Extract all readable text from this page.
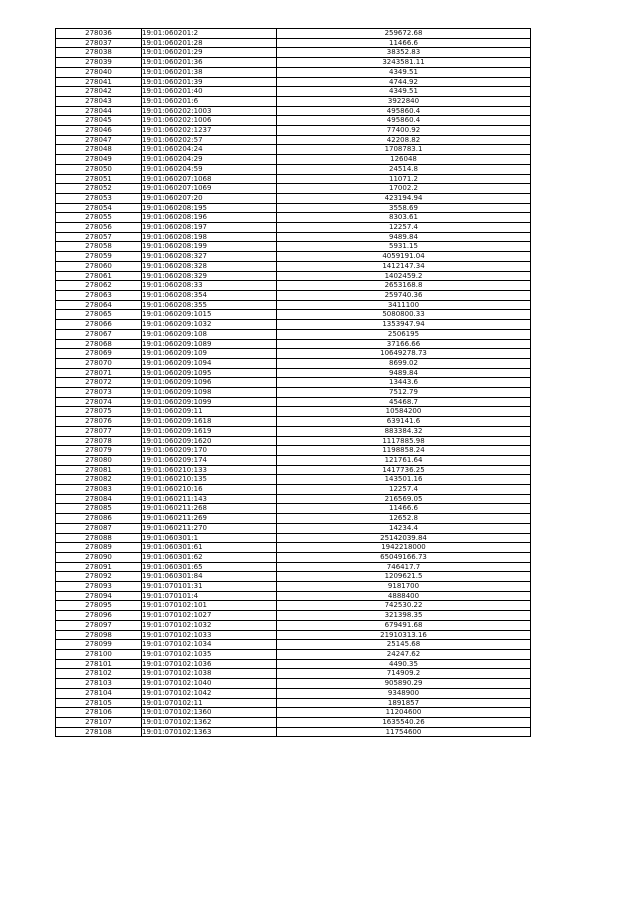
278036	19:01:060201:2	259672.68
278037	19:01:060201:28	11466.6
278038	19:01:060201:29	38352.83
278039	19:01:060201:36	3243581.11
278040	19:01:060201:38	4349.51
278041	19:01:060201:39	4744.92
278042	19:01:060201:40	4349.51
278043	19:01:060201:6	3922840
278044	19:01:060202:1003	495860.4
278045	19:01:060202:1006	495860.4
278046	19:01:060202:1237	77400.92
278047	19:01:060202:57	42208.82
278048	19:01:060204:24	1708783.1
278049	19:01:060204:29	126048
278050	19:01:060204:59	24514.8
278051	19:01:060207:1068	11071.2
278052	19:01:060207:1069	17002.2
278053	19:01:060207:20	423194.94
278054	19:01:060208:195	3558.69
278055	19:01:060208:196	8303.61
278056	19:01:060208:197	12257.4
278057	19:01:060208:198	9489.84
278058	19:01:060208:199	5931.15
278059	19:01:060208:327	4059191.04
278060	19:01:060208:328	1412147.34
278061	19:01:060208:329	1402459.2
278062	19:01:060208:33	2653168.8
278063	19:01:060208:354	259740.36
278064	19:01:060208:355	3411100
278065	19:01:060209:1015	5080800.33
278066	19:01:060209:1032	1353947.94
278067	19:01:060209:108	2506195
278068	19:01:060209:1089	37166.66
278069	19:01:060209:109	10649278.73
278070	19:01:060209:1094	8699.02
278071	19:01:060209:1095	9489.84
278072	19:01:060209:1096	13443.6
278073	19:01:060209:1098	7512.79
278074	19:01:060209:1099	45468.7
278075	19:01:060209:11	10584200
278076	19:01:060209:1618	639141.6
278077	19:01:060209:1619	883384.32
278078	19:01:060209:1620	1117885.98
278079	19:01:060209:170	1198858.24
278080	19:01:060209:174	121761.64
278081	19:01:060210:133	1417736.25
278082	19:01:060210:135	143501.16
278083	19:01:060210:16	12257.4
278084	19:01:060211:143	216569.05
278085	19:01:060211:268	11466.6
278086	19:01:060211:269	12652.8
278087	19:01:060211:270	14234.4
278088	19:01:060301:1	25142039.84
278089	19:01:060301:61	1942218000
278090	19:01:060301:62	65049166.73
278091	19:01:060301:65	746417.7
278092	19:01:060301:84	1209621.5
278093	19:01:070101:31	9181700
278094	19:01:070101:4	4888400
278095	19:01:070102:101	742530.22
278096	19:01:070102:1027	321398.35
278097	19:01:070102:1032	679491.68
278098	19:01:070102:1033	21910313.16
278099	19:01:070102:1034	25145.68
278100	19:01:070102:1035	24247.62
278101	19:01:070102:1036	4490.35
278102	19:01:070102:1038	714909.2
278103	19:01:070102:1040	905890.29
278104	19:01:070102:1042	9348900
278105	19:01:070102:11	1891857
278106	19:01:070102:1360	11204600
278107	19:01:070102:1362	1635540.26
278108	19:01:070102:1363	11754600
